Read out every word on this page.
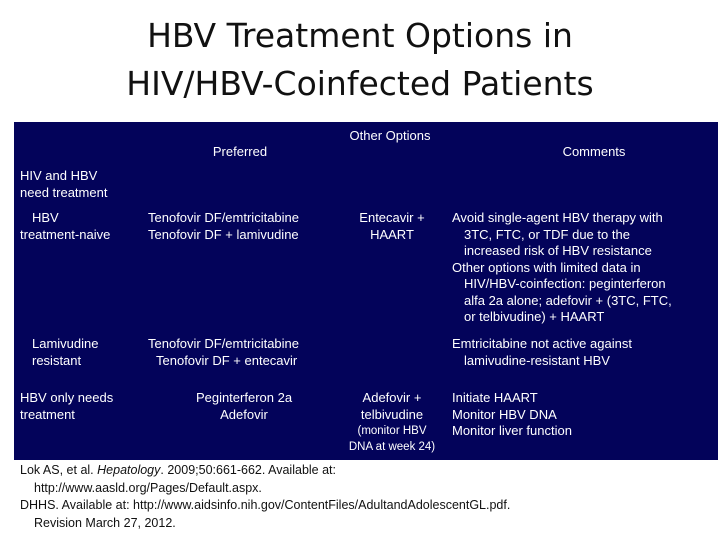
HBV Treatment Options in
HIV/HBV-Coinfected Patients
Other Options
Preferred	Comments
HIV and HBV
need treatment
HBV
treatment-naive
Tenofovir DF/emtricitabine
Tenofovir DF + lamivudine
Entecavir +
HAART
Avoid single-agent HBV therapy with
3TC, FTC, or TDF due to the
increased risk of HBV resistance
Other options with limited data in
HIV/HBV-coinfection: peginterferon
alfa 2a alone; adefovir + (3TC, FTC,
or telbivudine) + HAART
Lamivudine
resistant
Tenofovir DF/emtricitabine
Tenofovir DF + entecavir
Emtricitabine not active against
lamivudine-resistant HBV
HBV only needs
treatment
Peginterferon 2a
Adefovir
Adefovir +
telbivudine
(monitor HBV
DNA at week 24)
Initiate HAART
Monitor HBV DNA
Monitor liver function
Lok AS, et al. Hepatology. 2009;50:661-662. Available at:
http://www.aasld.org/Pages/Default.aspx.
DHHS. Available at: http://www.aidsinfo.nih.gov/ContentFiles/AdultandAdolescentGL.pdf.
Revision March 27, 2012.
